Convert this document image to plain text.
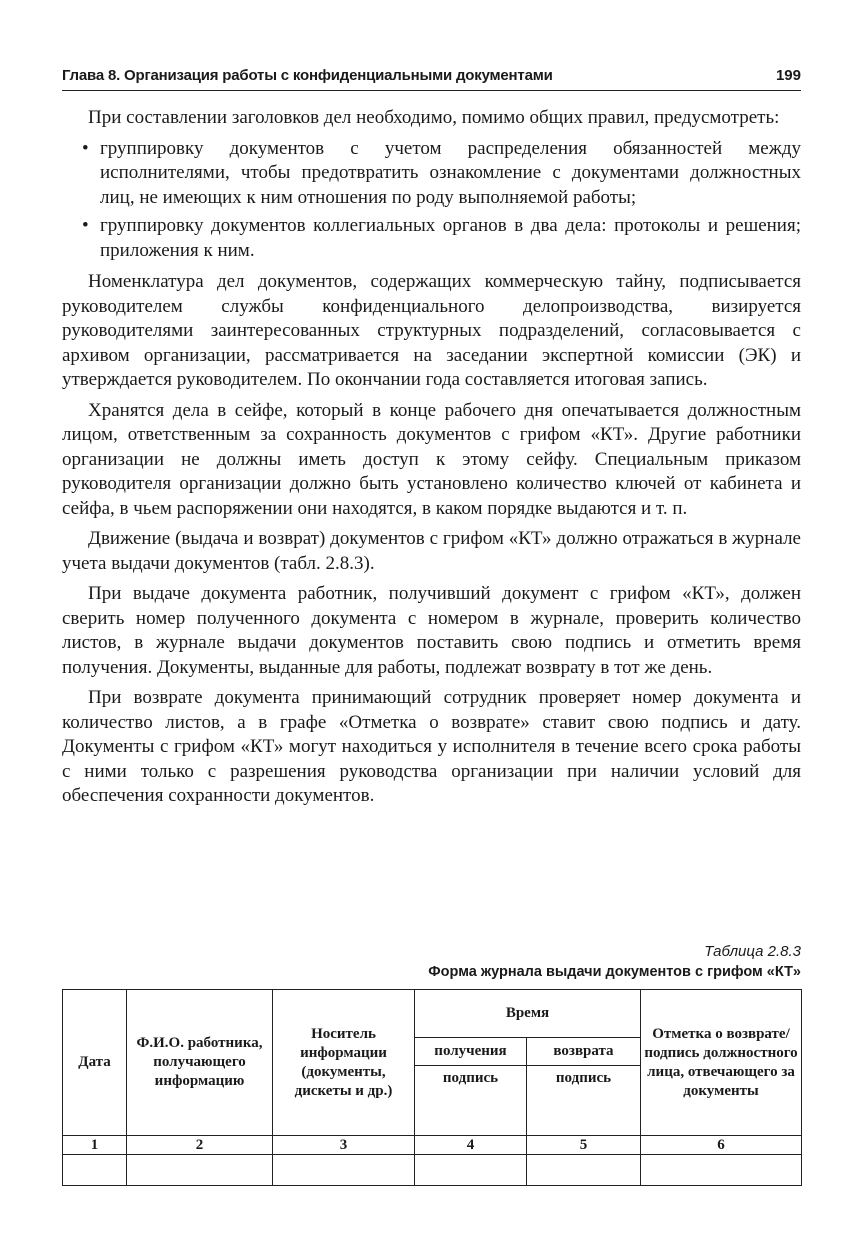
Глава 8. Организация работы с конфиденциальными документами	199

При составлении заголовков дел необходимо, помимо общих правил, предусмотреть:

• группировку документов с учетом распределения обязанностей между исполнителями, чтобы предотвратить ознакомление с документами должностных лиц, не имеющих к ним отношения по роду выполняемой работы;
• группировку документов коллегиальных органов в два дела: протоколы и решения; приложения к ним.

Номенклатура дел документов, содержащих коммерческую тайну, подписывается руководителем службы конфиденциального делопроизводства, визируется руководителями заинтересованных структурных подразделений, согласовывается с архивом организации, рассматривается на заседании экспертной комиссии (ЭК) и утверждается руководителем. По окончании года составляется итоговая запись.

Хранятся дела в сейфе, который в конце рабочего дня опечатывается должностным лицом, ответственным за сохранность документов с грифом «КТ». Другие работники организации не должны иметь доступ к этому сейфу. Специальным приказом руководителя организации должно быть установлено количество ключей от кабинета и сейфа, в чьем распоряжении они находятся, в каком порядке выдаются и т. п.

Движение (выдача и возврат) документов с грифом «КТ» должно отражаться в журнале учета выдачи документов (табл. 2.8.3).

При выдаче документа работник, получивший документ с грифом «КТ», должен сверить номер полученного документа с номером в журнале, проверить количество листов, в журнале выдачи документов поставить свою подпись и отметить время получения. Документы, выданные для работы, подлежат возврату в тот же день.

При возврате документа принимающий сотрудник проверяет номер документа и количество листов, а в графе «Отметка о возврате» ставит свою подпись и дату. Документы с грифом «КТ» могут находиться у исполнителя в течение всего срока работы с ними только с разрешения руководства организации при наличии условий для обеспечения сохранности документов.

Таблица 2.8.3
Форма журнала выдачи документов с грифом «КТ»
Дата	Ф.И.О. работника, получающего информацию	Носитель информации (документы, дискеты и др.)	Время		Отметка о возврате/ подпись должностного лица, отвечающего за документы
			получения	возврата	
			подпись	подпись	
1	2	3	4	5	6
